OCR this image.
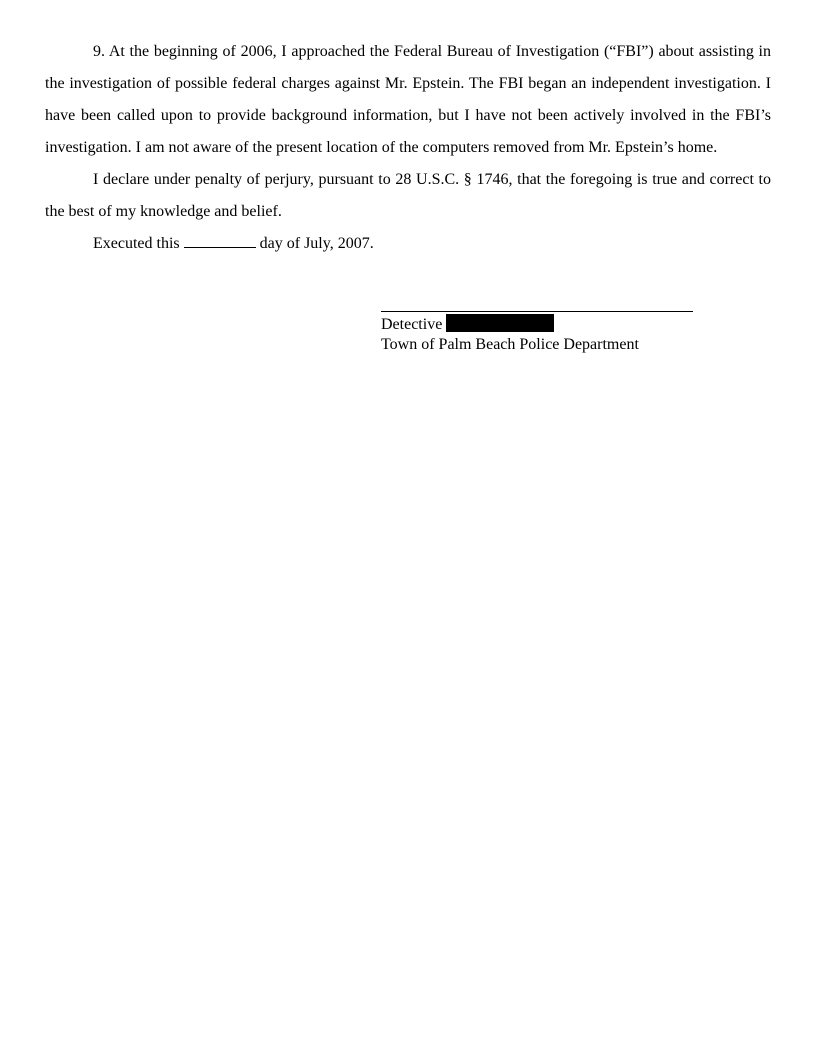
9. At the beginning of 2006, I approached the Federal Bureau of Investigation (“FBI”) about assisting in the investigation of possible federal charges against Mr. Epstein. The FBI began an independent investigation. I have been called upon to provide background information, but I have not been actively involved in the FBI’s investigation. I am not aware of the present location of the computers removed from Mr. Epstein’s home.

I declare under penalty of perjury, pursuant to 28 U.S.C. § 1746, that the foregoing is true and correct to the best of my knowledge and belief.

Executed this	day of July, 2007.

Detective
Town of Palm Beach Police Department
